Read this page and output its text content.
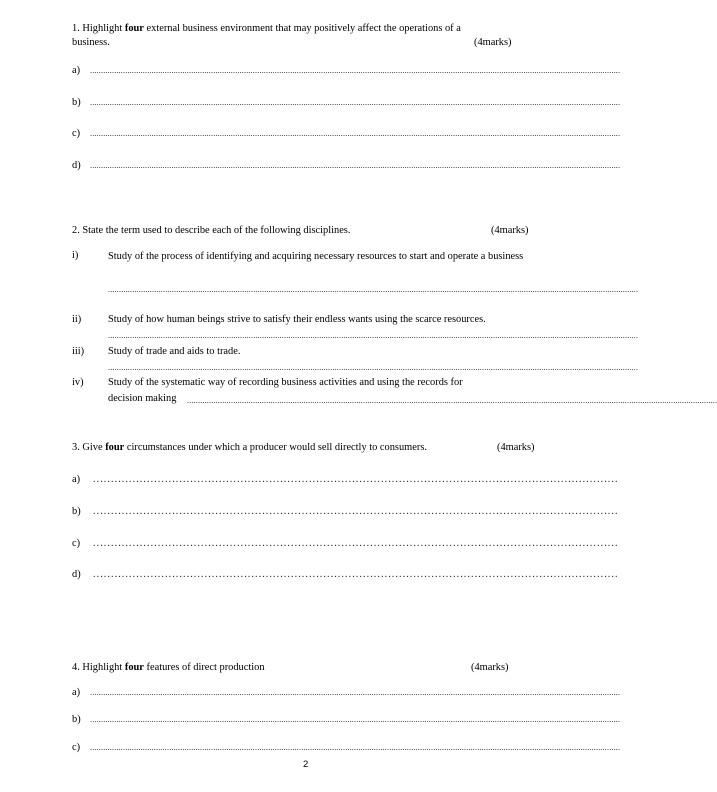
1. Highlight four external business environment that may positively affect the operations of a
business.	(4marks)
a) .................................................................................................................................................................................................................................................
b) .................................................................................................................................................................................................................................................
c) .................................................................................................................................................................................................................................................
d) .................................................................................................................................................................................................................................................
2. State the term used to describe each of the following disciplines.	(4marks)
i)	Study of the process of identifying and acquiring necessary resources to start and operate a business
.................................................................................................................................................................................................................................................
ii)	Study of how human beings strive to satisfy their endless wants using the scarce resources.
.................................................................................................................................................................................................................................................
iii) Study of trade and aids to trade.
.................................................................................................................................................................................................................................................
iv) Study of the systematic way of recording business activities and using the records for
decision making .................................................................................................................................................................................................................................................
3. Give four circumstances under which a producer would sell directly to consumers.	(4marks)
a) ..................................................................................................................................................
b) ..................................................................................................................................................
c) ..................................................................................................................................................
d) ..................................................................................................................................................
4. Highlight four features of direct production	(4marks)
a) .................................................................................................................................................................................................................................................
b) .................................................................................................................................................................................................................................................
c) .................................................................................................................................................................................................................................................
2
